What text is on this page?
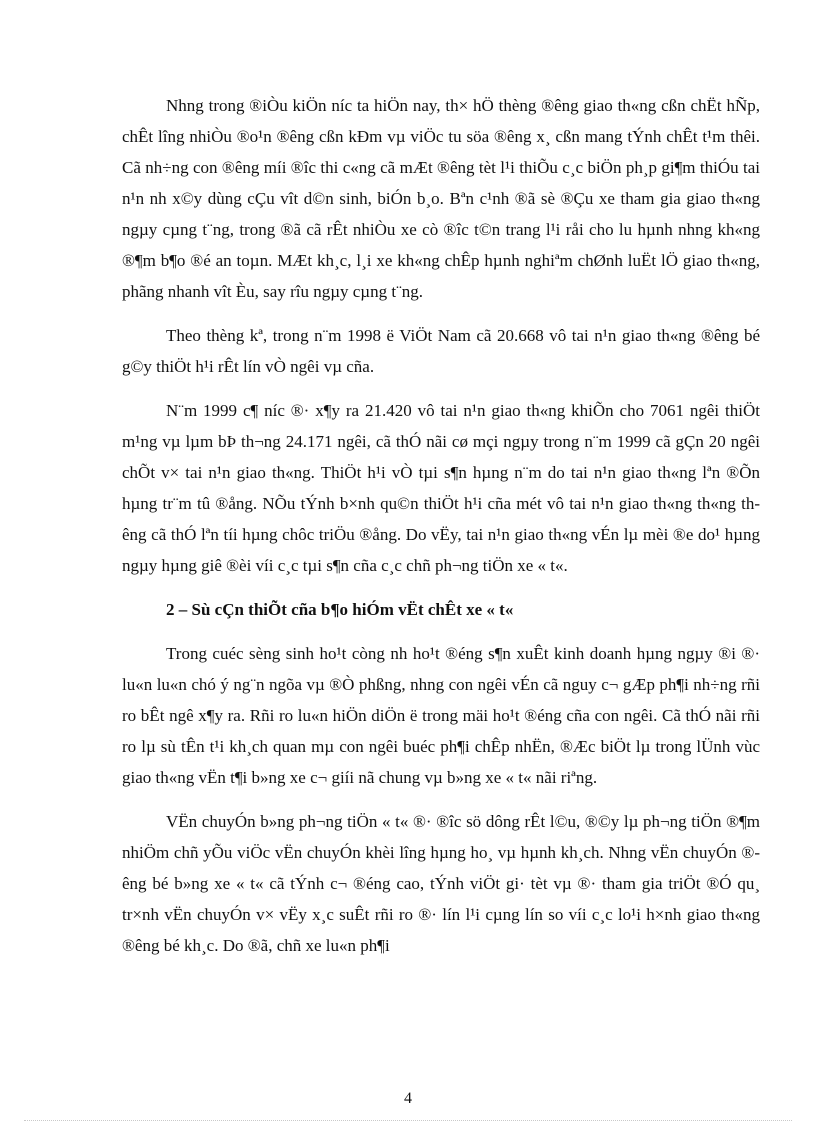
Nhng trong ®iÒu kiÖn níc ta hiÖn nay, th× hÖ thèng ®êng giao th«ng cßn chËt hÑp, chÊt lîng nhiÒu ®o¹n ®êng cßn kÐm vµ viÖc tu söa ®êng x¸ cßn mang tÝnh chÊt t¹m thêi. Cã nh÷ng con ®êng míi ®îc thi c«ng cã mÆt ®êng tèt l¹i thiÕu c¸c biÖn ph¸p gi¶m thiÓu tai n¹n nh x©y dùng cÇu vît d©n sinh, biÓn b¸o. Bªn c¹nh ®ã sè ®Çu xe tham gia giao th«ng ngµy cµng t¨ng, trong ®ã cã rÊt nhiÒu xe cò ®îc t©n trang l¹i råi cho lu hµnh nhng kh«ng ®¶m b¶o ®é an toµn. MÆt kh¸c, l¸i xe kh«ng chÊp hµnh nghiªm chØnh luËt lÖ giao th«ng, phãng nhanh vît Èu, say rîu ngµy cµng t¨ng.

Theo thèng kª, trong n¨m 1998 ë ViÖt Nam cã 20.668 vô tai n¹n giao th«ng ®êng bé g©y thiÖt h¹i rÊt lín vÒ ngêi vµ cña.

N¨m 1999 c¶ níc ®· x¶y ra 21.420 vô tai n¹n giao th«ng khiÕn cho 7061 ngêi thiÖt m¹ng vµ lµm bÞ th¬ng 24.171 ngêi, cã thÓ nãi cø mçi ngµy trong n¨m 1999 cã gÇn 20 ngêi chÕt v× tai n¹n giao th«ng. ThiÖt h¹i vÒ tµi s¶n hµng n¨m do tai n¹n giao th«ng lªn ®Õn hµng tr¨m tû ®ång. NÕu tÝnh b×nh qu©n thiÖt h¹i cña mét vô tai n¹n giao th«ng th«ng thêng cã thÓ lªn tíi hµng chôc triÖu ®ång. Do vËy, tai n¹n giao th«ng vÉn lµ mèi ®e do¹ hµng ngµy hµng giê ®èi víi c¸c tµi s¶n cña c¸c chñ ph¬ng tiÖn xe « t«.

2 – Sù cÇn thiÕt cña b¶o hiÓm vËt chÊt xe « t«

Trong cuéc sèng sinh ho¹t còng nh ho¹t ®éng s¶n xuÊt kinh doanh hµng ngµy ®i ®· lu«n lu«n chó ý ng¨n ngõa vµ ®Ò phßng, nhng con ngêi vÉn cã nguy c¬ gÆp ph¶i nh÷ng rñi ro bÊt ngê x¶y ra. Rñi ro lu«n hiÖn diÖn ë trong mäi ho¹t ®éng cña con ngêi. Cã thÓ nãi rñi ro lµ sù tÊn t¹i kh¸ch quan mµ con ngêi buéc ph¶i chÊp nhËn, ®Æc biÖt lµ trong lÜnh vùc giao th«ng vËn t¶i b»ng xe c¬ giíi nã chung vµ b»ng xe « t« nãi riªng.

VËn chuyÓn b»ng ph¬ng tiÖn « t« ®· ®îc sö dông rÊt l©u, ®©y lµ ph¬ng tiÖn ®¶m nhiÖm chñ yÕu viÖc vËn chuyÓn khèi lîng hµng ho¸ vµ hµnh kh¸ch. Nhng vËn chuyÓn ®êng bé b»ng xe « t« cã tÝnh c¬ ®éng cao, tÝnh viÖt gi· tèt vµ ®· tham gia triÖt ®Ó qu¸ tr×nh vËn chuyÓn v× vËy x¸c suÊt rñi ro ®· lín l¹i cµng lín so víi c¸c lo¹i h×nh giao th«ng ®êng bé kh¸c. Do ®ã, chñ xe lu«n ph¶i

4
